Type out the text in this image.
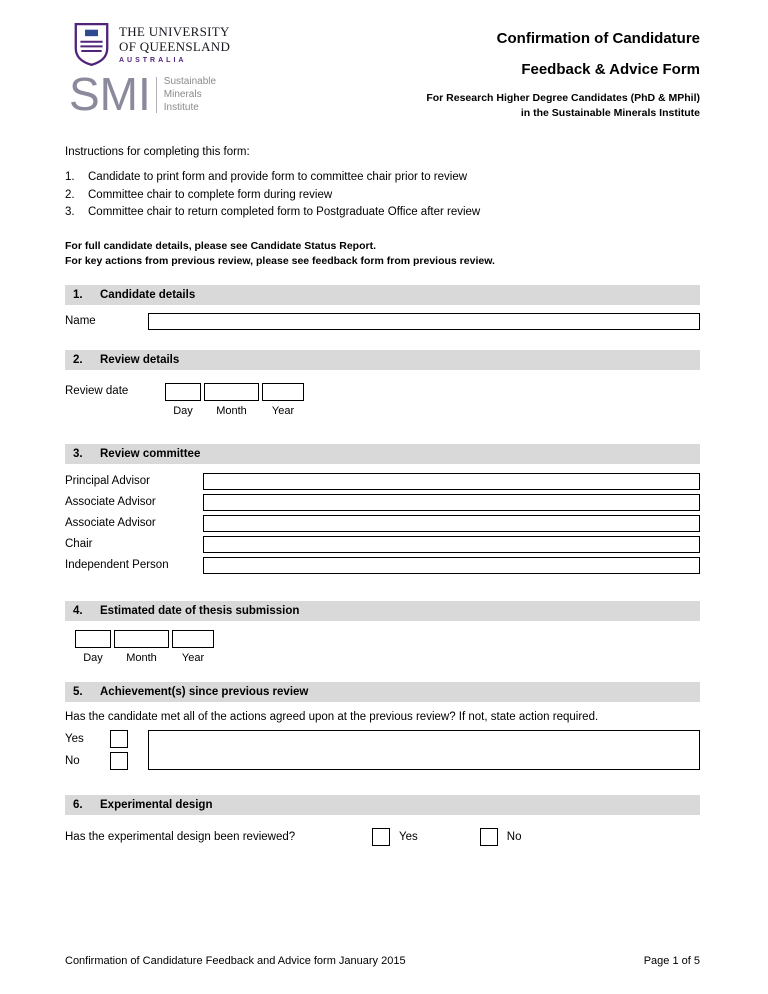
THE UNIVERSITY
OF QUEENSLAND
AUSTRALIA
SMI Sustainable
Minerals
Institute
Confirmation of Candidature
Feedback & Advice Form
For Research Higher Degree Candidates (PhD & MPhil)
in the Sustainable Minerals Institute
Instructions for completing this form:
1.	Candidate to print form and provide form to committee chair prior to review
2.	Committee chair to complete form during review
3.	Committee chair to return completed form to Postgraduate Office after review
For full candidate details, please see Candidate Status Report.
For key actions from previous review, please see feedback form from previous review.
1.	Candidate details
Name
2.	Review details
Review date
Day	Month	Year
3.	Review committee
Principal Advisor
Associate Advisor
Associate Advisor
Chair
Independent Person
4.	Estimated date of thesis submission
Day	Month	Year
5.	Achievement(s) since previous review
Has the candidate met all of the actions agreed upon at the previous review? If not, state action required.
Yes
No
6.	Experimental design
Has the experimental design been reviewed?	Yes	No
Confirmation of Candidature Feedback and Advice form January 2015	Page 1 of 5
